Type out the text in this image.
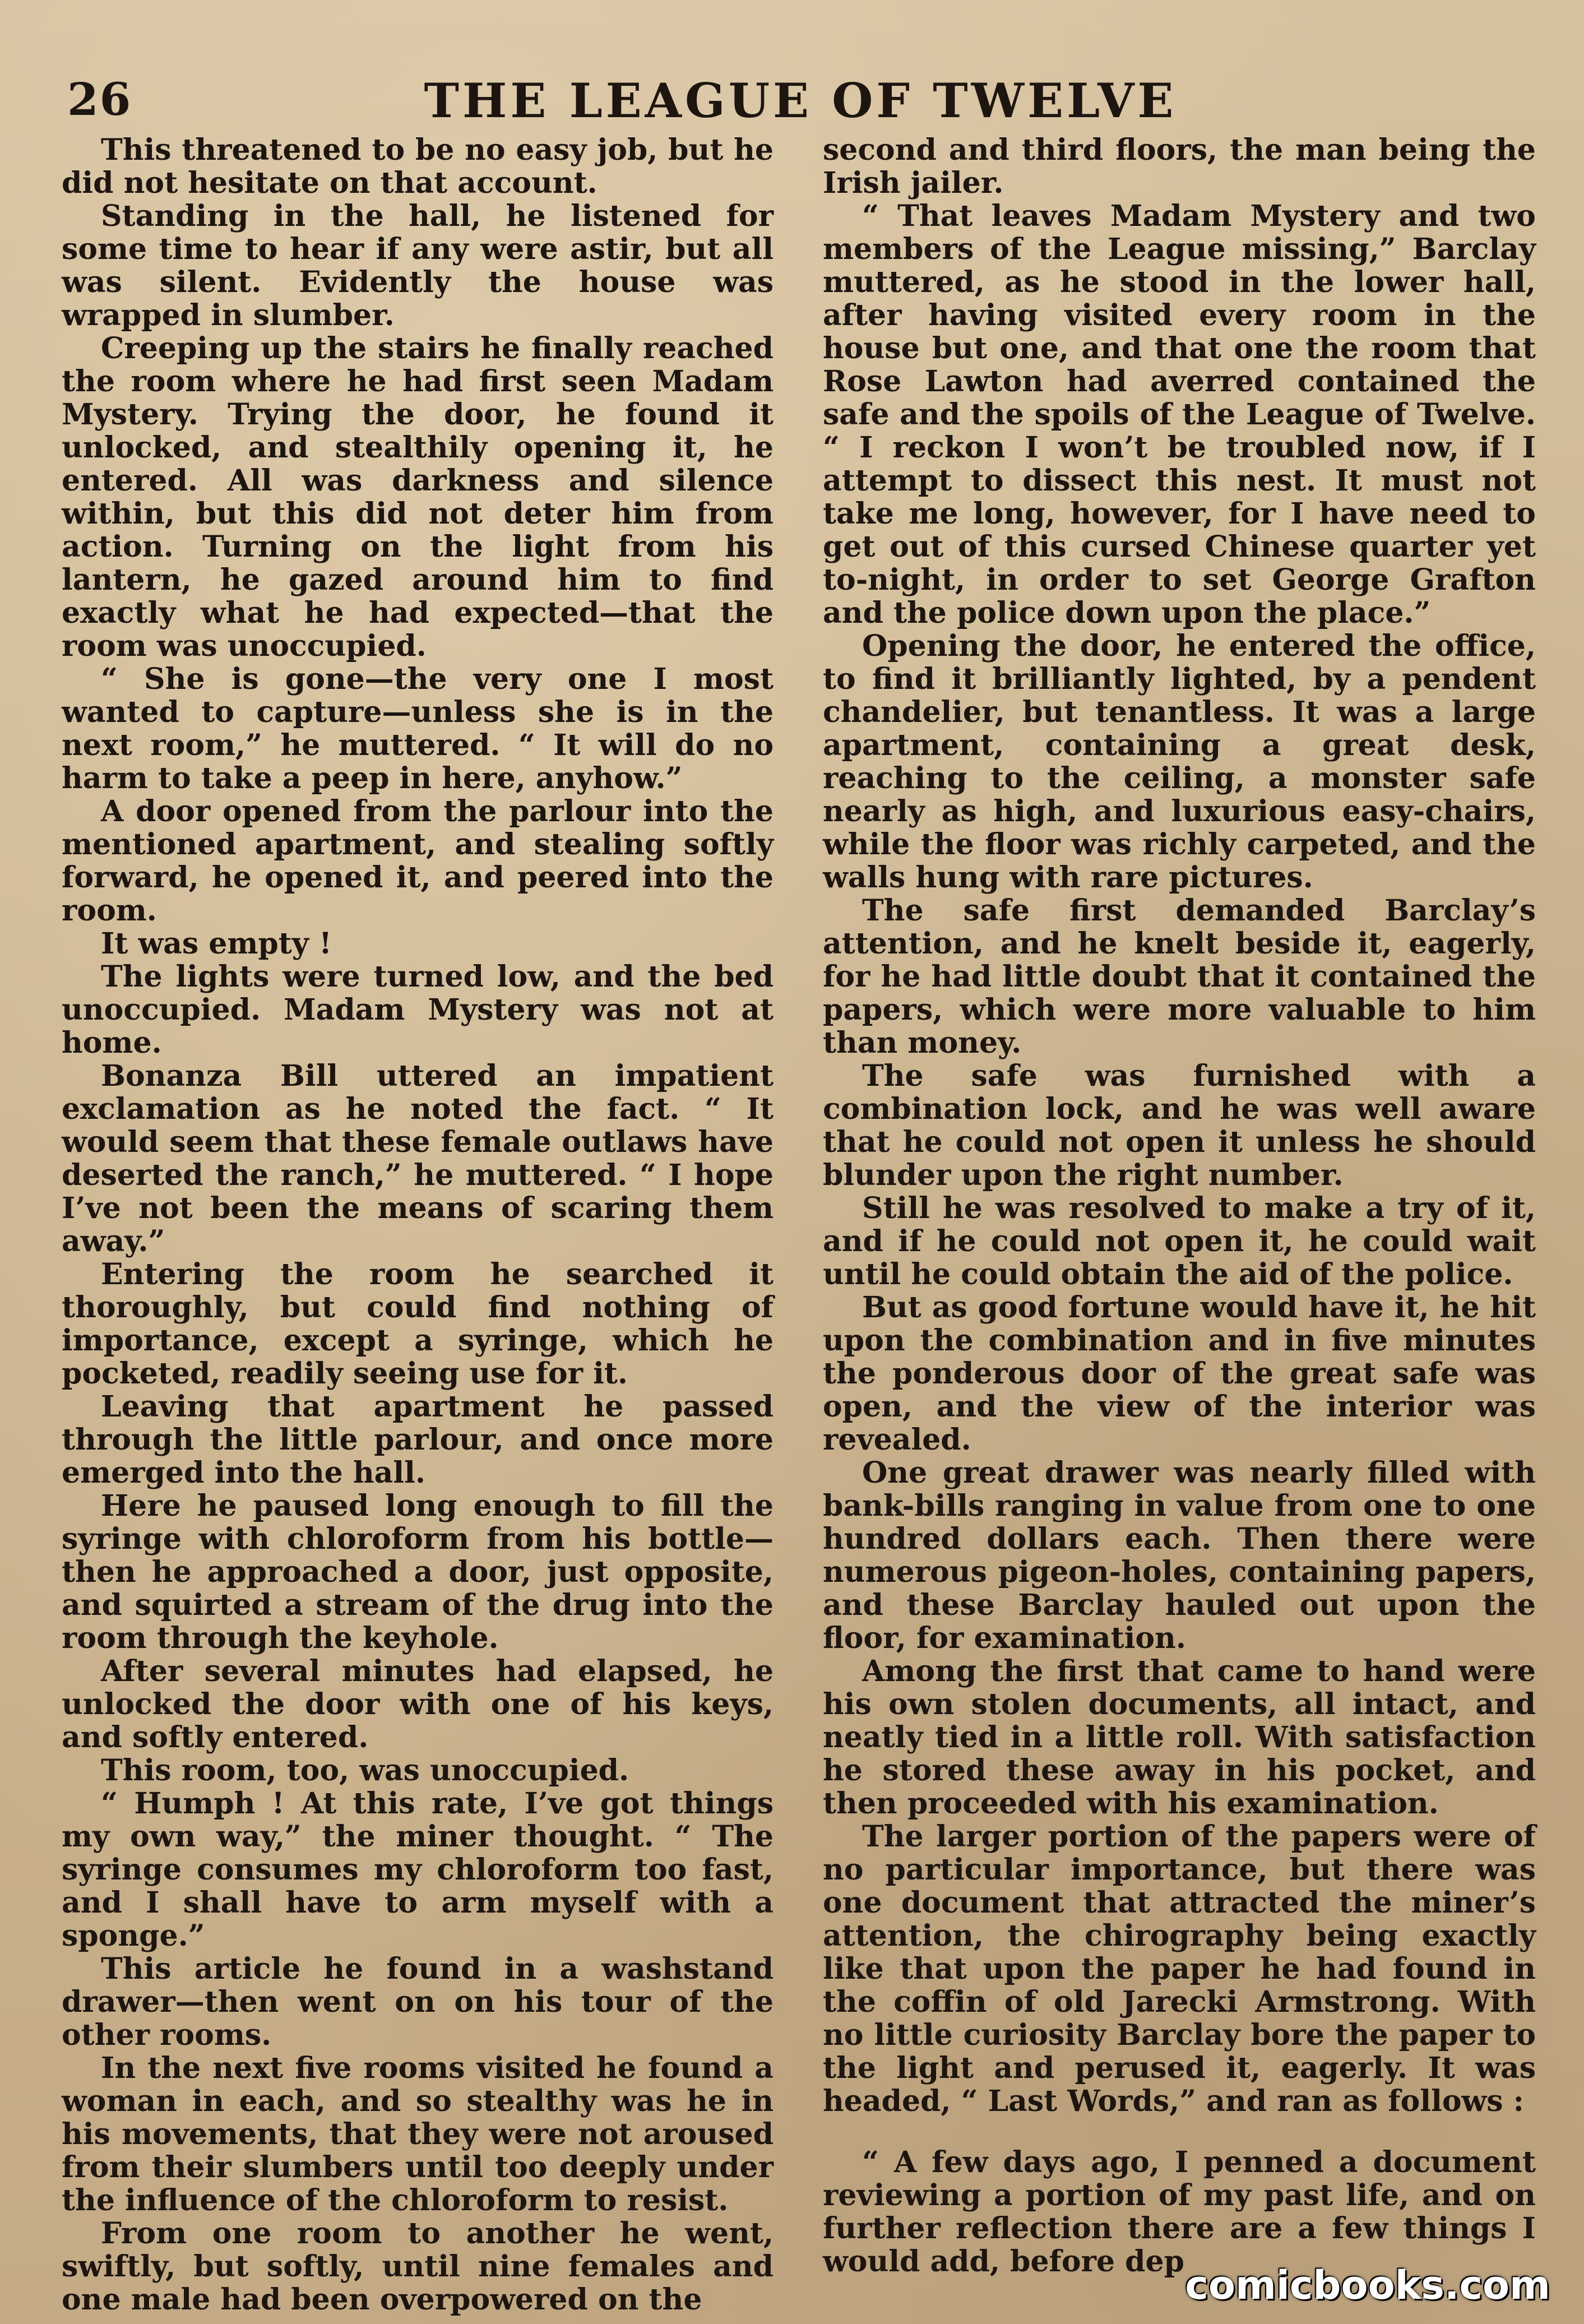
26	THE LEAGUE OF TWELVE

This threatened to be no easy job, but he did not hesitate on that account.

Standing in the hall, he listened for some time to hear if any were astir, but all was silent. Evidently the house was wrapped in slumber.

Creeping up the stairs he finally reached the room where he had first seen Madam Mystery. Trying the door, he found it unlocked, and stealthily opening it, he entered. All was darkness and silence within, but this did not deter him from action. Turning on the light from his lantern, he gazed around him to find exactly what he had expected—that the room was unoccupied.

“ She is gone—the very one I most wanted to capture—unless she is in the next room,” he muttered. “ It will do no harm to take a peep in here, anyhow.”

A door opened from the parlour into the mentioned apartment, and stealing softly forward, he opened it, and peered into the room.

It was empty !

The lights were turned low, and the bed unoccupied. Madam Mystery was not at home.

Bonanza Bill uttered an impatient exclamation as he noted the fact. “ It would seem that these female outlaws have deserted the ranch,” he muttered. “ I hope I’ve not been the means of scaring them away.”

Entering the room he searched it thoroughly, but could find nothing of importance, except a syringe, which he pocketed, readily seeing use for it.

Leaving that apartment he passed through the little parlour, and once more emerged into the hall.

Here he paused long enough to fill the syringe with chloroform from his bottle—then he approached a door, just opposite, and squirted a stream of the drug into the room through the keyhole.

After several minutes had elapsed, he unlocked the door with one of his keys, and softly entered.

This room, too, was unoccupied.

“ Humph ! At this rate, I’ve got things my own way,” the miner thought. “ The syringe consumes my chloroform too fast, and I shall have to arm myself with a sponge.”

This article he found in a washstand drawer—then went on on his tour of the other rooms.

In the next five rooms visited he found a woman in each, and so stealthy was he in his movements, that they were not aroused from their slumbers until too deeply under the influence of the chloroform to resist.

From one room to another he went, swiftly, but softly, until nine females and one male had been overpowered on the

second and third floors, the man being the Irish jailer.

“ That leaves Madam Mystery and two members of the League missing,” Barclay muttered, as he stood in the lower hall, after having visited every room in the house but one, and that one the room that Rose Lawton had averred contained the safe and the spoils of the League of Twelve. “ I reckon I won’t be troubled now, if I attempt to dissect this nest. It must not take me long, however, for I have need to get out of this cursed Chinese quarter yet to-night, in order to set George Grafton and the police down upon the place.”

Opening the door, he entered the office, to find it brilliantly lighted, by a pendent chandelier, but tenantless. It was a large apartment, containing a great desk, reaching to the ceiling, a monster safe nearly as high, and luxurious easy-chairs, while the floor was richly carpeted, and the walls hung with rare pictures.

The safe first demanded Barclay’s attention, and he knelt beside it, eagerly, for he had little doubt that it contained the papers, which were more valuable to him than money.

The safe was furnished with a combination lock, and he was well aware that he could not open it unless he should blunder upon the right number.

Still he was resolved to make a try of it, and if he could not open it, he could wait until he could obtain the aid of the police.

But as good fortune would have it, he hit upon the combination and in five minutes the ponderous door of the great safe was open, and the view of the interior was revealed.

One great drawer was nearly filled with bank-bills ranging in value from one to one hundred dollars each. Then there were numerous pigeon-holes, containing papers, and these Barclay hauled out upon the floor, for examination.

Among the first that came to hand were his own stolen documents, all intact, and neatly tied in a little roll. With satisfaction he stored these away in his pocket, and then proceeded with his examination.

The larger portion of the papers were of no particular importance, but there was one document that attracted the miner’s attention, the chirography being exactly like that upon the paper he had found in the coffin of old Jarecki Armstrong. With no little curiosity Barclay bore the paper to the light and perused it, eagerly. It was headed, “ Last Words,” and ran as follows :

“ A few days ago, I penned a document reviewing a portion of my past life, and on further reflection there are a few things I would add, before dep

comicbooks.com
